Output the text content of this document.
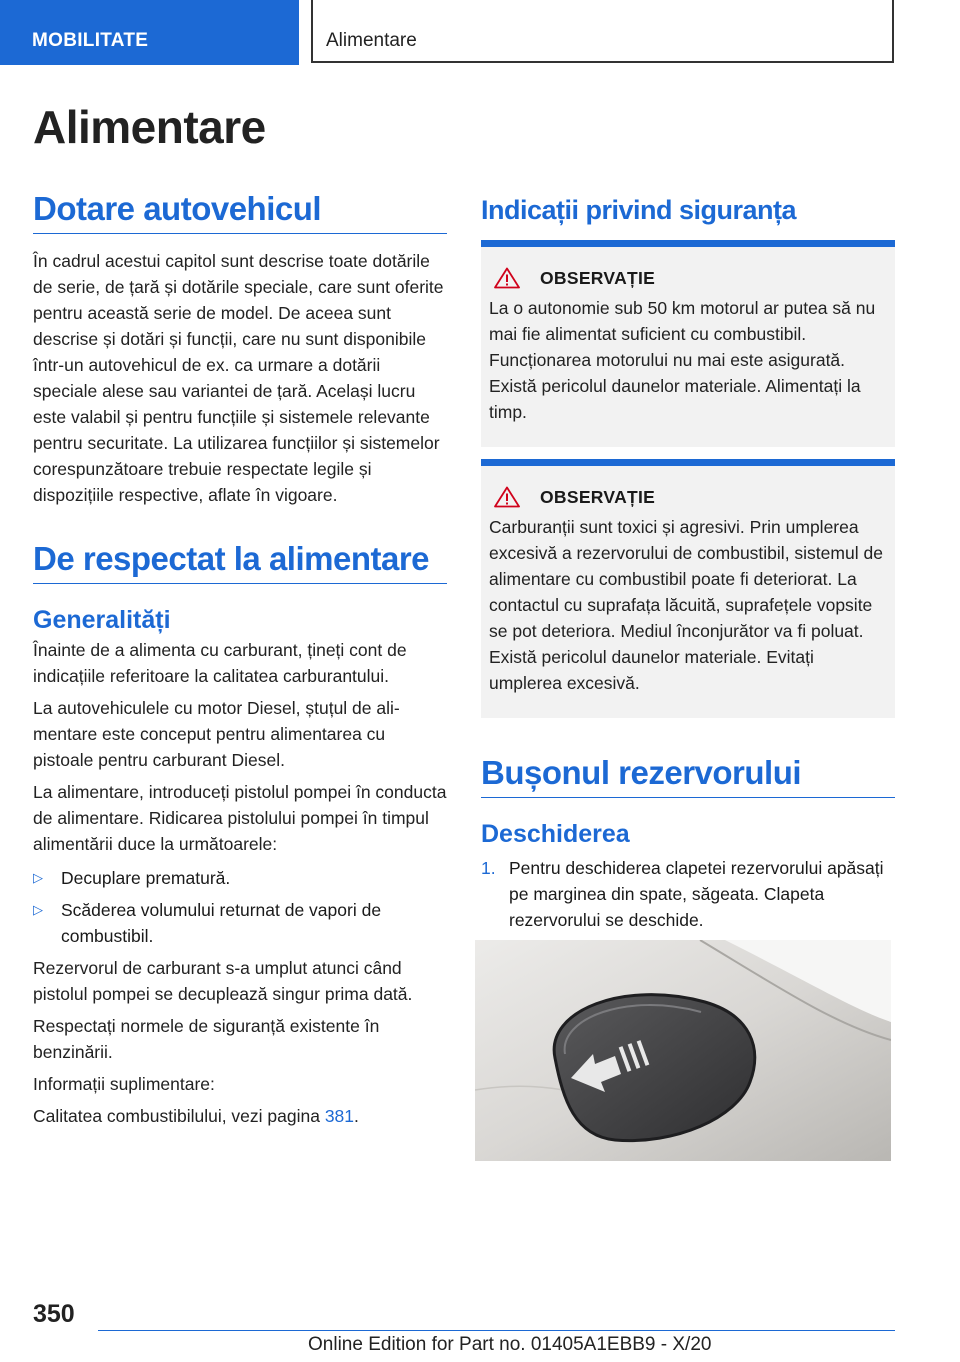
MOBILITATE	Alimentare
Alimentare
Dotare autovehicul

În cadrul acestui capitol sunt descrise toate dotările de serie, de țară și dotările speciale, care sunt oferite pentru această serie de model. De aceea sunt descrise și dotări și funcții, care nu sunt disponibile într-un autovehicul de ex. ca urmare a dotării speciale alese sau variantei de țară. Același lucru este valabil și pentru funcțiile și sistemele relevante pentru securitate. La utilizarea funcțiilor și sistemelor corespunzătoare trebuie respectate legile și dispozițiile respective, aflate în vigoare.

De respectat la alimentare
Generalități

Înainte de a alimenta cu carburant, țineți cont de indicațiile referitoare la calitatea carburantului.

La autovehiculele cu motor Diesel, ștuțul de alimentare este conceput pentru alimentarea cu pistoale pentru carburant Diesel.

La alimentare, introduceți pistolul pompei în conducta de alimentare. Ridicarea pistolului pompei în timpul alimentării duce la următoarele:

▷ Decuplare prematură.
▷ Scăderea volumului returnat de vapori de combustibil.

Rezervorul de carburant s-a umplut atunci când pistolul pompei se decuplează singur prima dată.

Respectați normele de siguranță existente în benzinării.

Informații suplimentare:

Calitatea combustibilului, vezi pagina 381.

Indicații privind siguranța
OBSERVAȚIE

La o autonomie sub 50 km motorul ar putea să nu mai fie alimentat suficient cu combustibil. Funcționarea motorului nu mai este asigurată. Există pericolul daunelor materiale. Alimentați la timp.

OBSERVAȚIE

Carburanții sunt toxici și agresivi. Prin umplerea excesivă a rezervorului de combustibil, sistemul de alimentare cu combustibil poate fi deteriorat. La contactul cu suprafața lăcuită, suprafețele vopsite se pot deteriora. Mediul înconjurător va fi poluat. Există pericolul daunelor materiale. Evitați umplerea excesivă.

Bușonul rezervorului
Deschiderea
1. Pentru deschiderea clapetei rezervorului apăsați pe marginea din spate, săgeata. Clapeta rezervorului se deschide.
350
Online Edition for Part no. 01405A1EBB9 - X/20
